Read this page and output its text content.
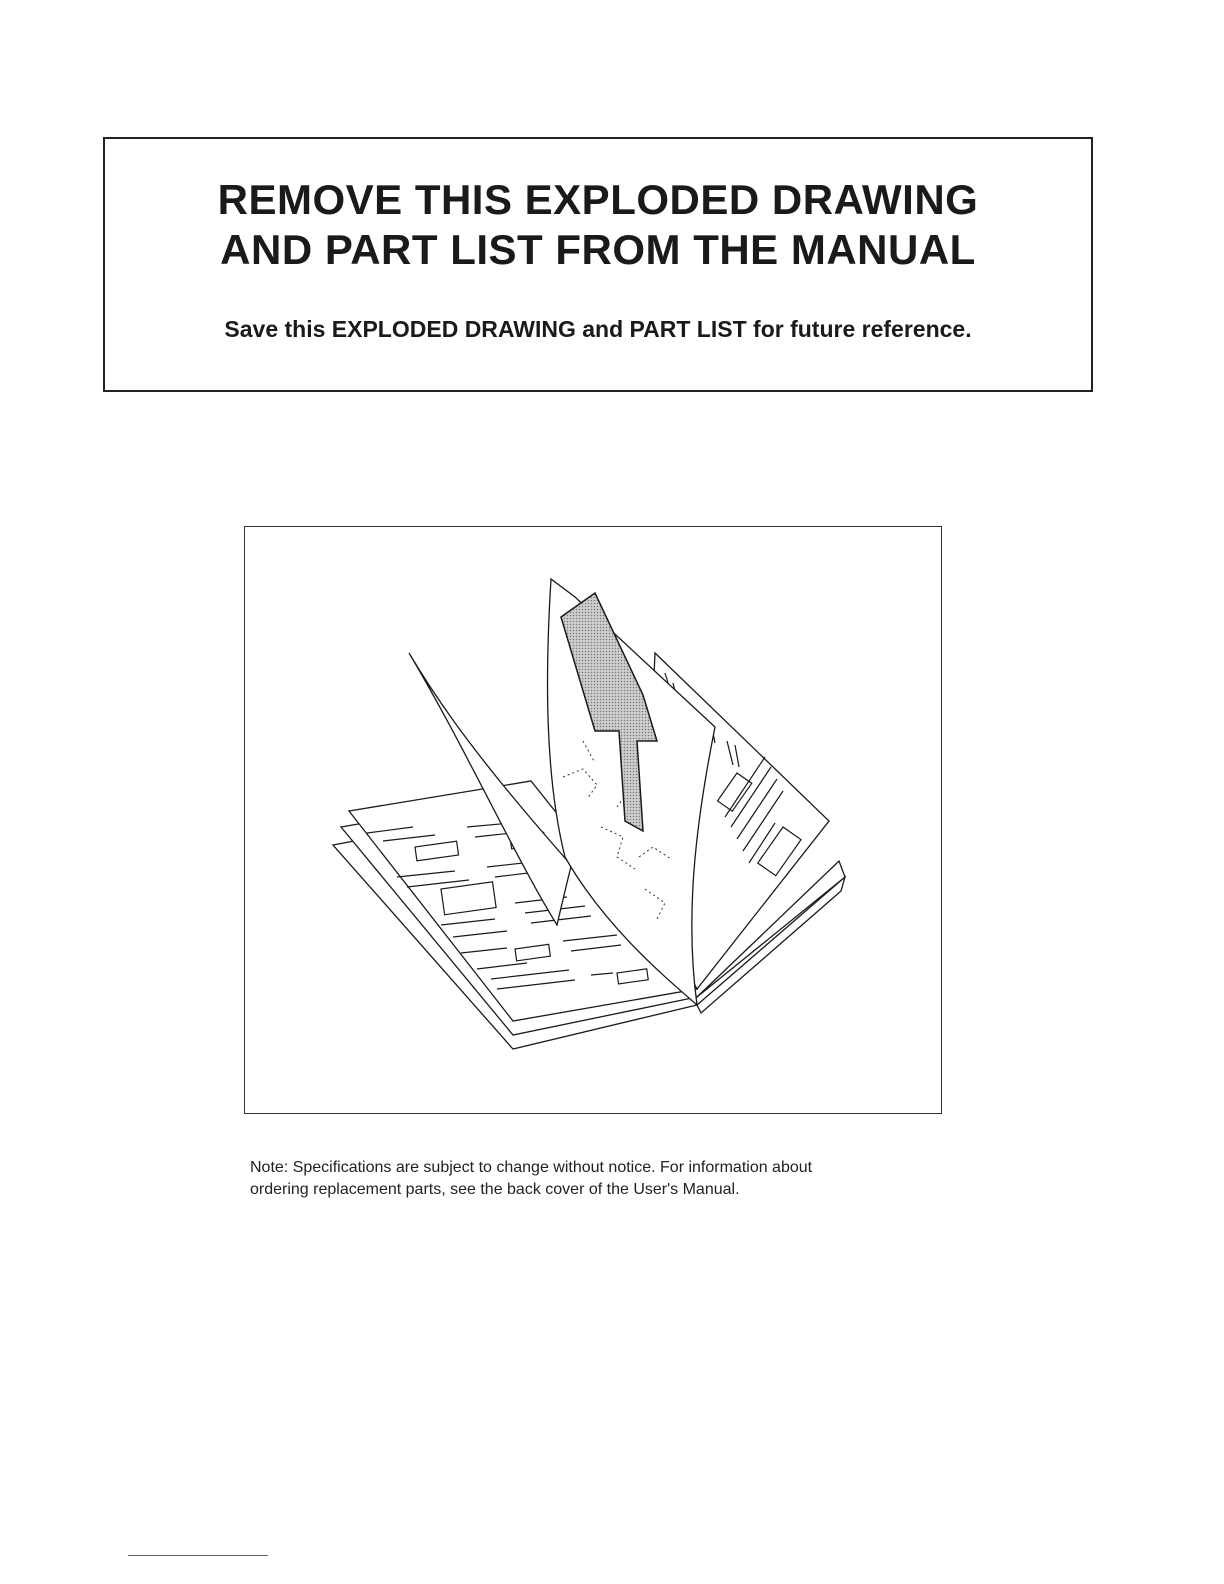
REMOVE THIS EXPLODED DRAWING
AND PART LIST FROM THE MANUAL

Save this EXPLODED DRAWING and PART LIST for future reference.

Note: Specifications are subject to change without notice. For information about
ordering replacement parts, see the back cover of the User's Manual.
